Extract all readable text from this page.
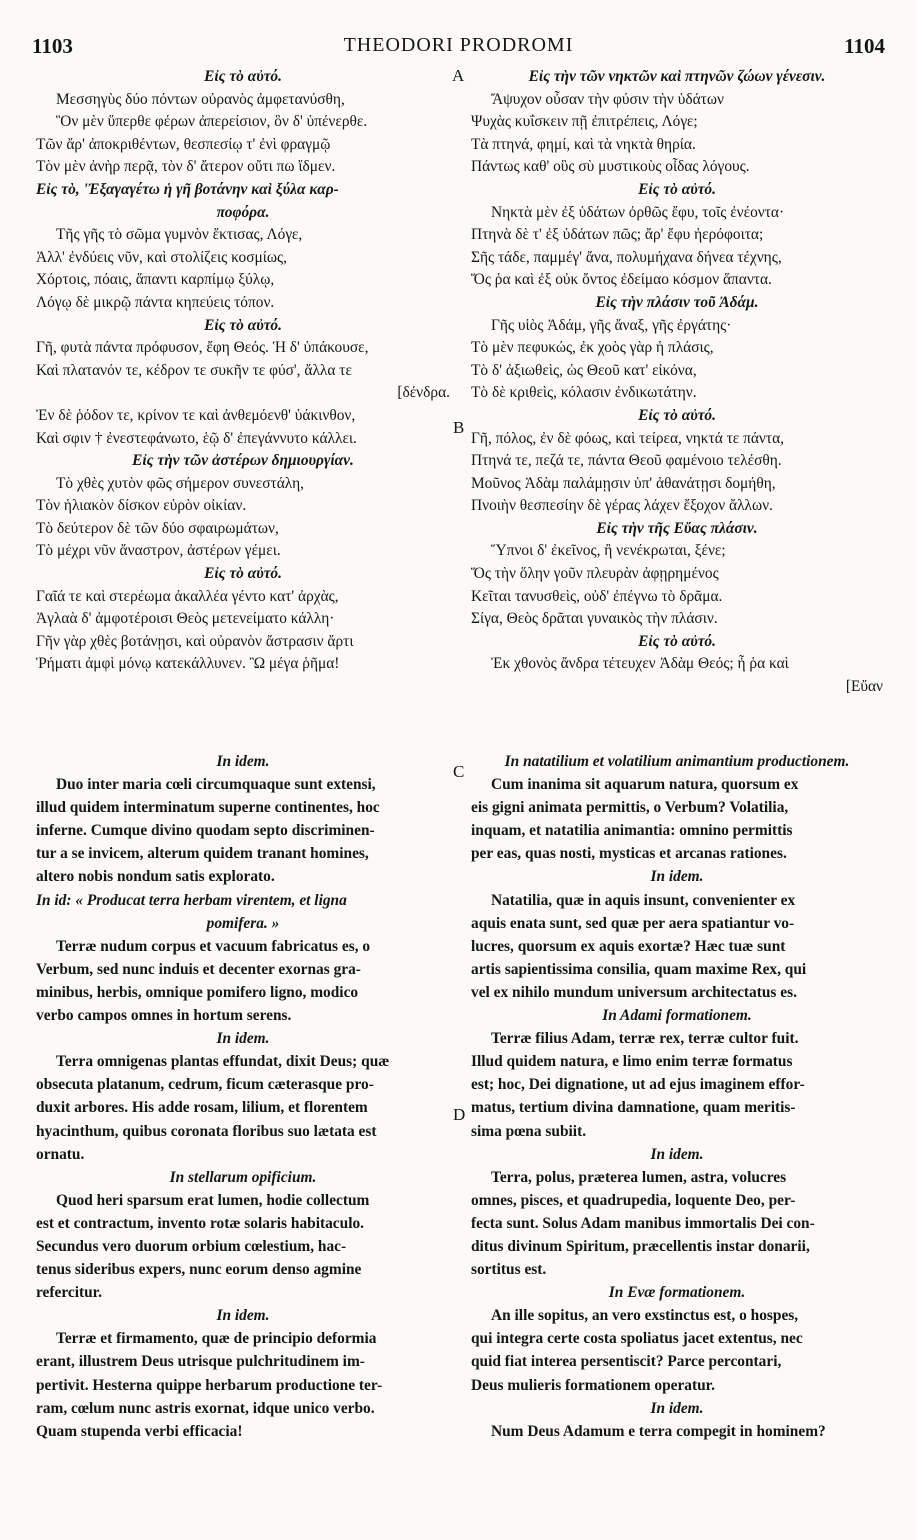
1103	THEODORI PRODROMI	1104
A
B
C
D
Εἰς τὸ αὐτό.
Μεσσηγὺς δύο πόντων οὐρανὸς ἀμφετανύσθη,
Ὃν μὲν ὕπερθε φέρων ἀπερείσιον, ὃν δ' ὑπένερθε.
Τῶν ἄρ' ἀποκριθέντων, θεσπεσίῳ τ' ἐνὶ φραγμῷ
Τὸν μὲν ἀνὴρ περᾷ, τὸν δ' ἄτερον οὔτι πω ἴδμεν.
Εἰς τὸ, 'Ἐξαγαγέτω ἡ γῆ βοτάνην καὶ ξύλα καρ-
ποφόρα.
Τῆς γῆς τὸ σῶμα γυμνὸν ἔκτισας, Λόγε,
Ἀλλ' ἐνδύεις νῦν, καὶ στολίζεις κοσμίως,
Χόρτοις, πόαις, ἅπαντι καρπίμῳ ξύλῳ,
Λόγῳ δὲ μικρῷ πάντα κηπεύεις τόπον.
Εἰς τὸ αὐτό.
Γῆ, φυτὰ πάντα πρόφυσον, ἔφη Θεός. Ἡ δ' ὑπάκουσε,
Καὶ πλατανόν τε, κέδρον τε συκῆν τε φύσ', ἄλλα τε
[δένδρα.
Ἐν δὲ ῥόδον τε, κρίνον τε καὶ ἀνθεμόενθ' ὑάκινθον,
Καὶ σφιν † ἐνεστεφάνωτο, ἑῷ δ' ἐπεγάννυτο κάλλει.
Εἰς τὴν τῶν ἀστέρων δημιουργίαν.
Τὸ χθὲς χυτὸν φῶς σήμερον συνεστάλη,
Τὸν ἡλιακὸν δίσκον εὑρὸν οἰκίαν.
Τὸ δεύτερον δὲ τῶν δύο σφαιρωμάτων,
Τὸ μέχρι νῦν ἄναστρον, ἀστέρων γέμει.
Εἰς τὸ αὐτό.
Γαῖά τε καὶ στερέωμα ἀκαλλέα γέντο κατ' ἀρχὰς,
Ἀγλαὰ δ' ἀμφοτέροισι Θεὸς μετενείματο κάλλη·
Γῆν γὰρ χθὲς βοτάνῃσι, καὶ οὐρανὸν ἄστρασιν ἄρτι
Ῥήματι ἀμφὶ μόνῳ κατεκάλλυνεν. Ὢ μέγα ῥῆμα!
In idem.
Duo inter maria cœli circumquaque sunt extensi,
illud quidem interminatum superne continentes, hoc
inferne. Cumque divino quodam septo discriminen-
tur a se invicem, alterum quidem tranant homines,
altero nobis nondum satis explorato.
In id: « Producat terra herbam virentem, et ligna
pomifera. »
Terræ nudum corpus et vacuum fabricatus es, o
Verbum, sed nunc induis et decenter exornas gra-
minibus, herbis, omnique pomifero ligno, modico
verbo campos omnes in hortum serens.
In idem.
Terra omnigenas plantas effundat, dixit Deus; quæ
obsecuta platanum, cedrum, ficum cæterasque pro-
duxit arbores. His adde rosam, lilium, et florentem
hyacinthum, quibus coronata floribus suo lætata est
ornatu.
In stellarum opificium.
Quod heri sparsum erat lumen, hodie collectum
est et contractum, invento rotæ solaris habitaculo.
Secundus vero duorum orbium cœlestium, hac-
tenus sideribus expers, nunc eorum denso agmine
refercitur.
In idem.
Terræ et firmamento, quæ de principio deformia
erant, illustrem Deus utrisque pulchritudinem im-
pertivit. Hesterna quippe herbarum productione ter-
ram, cœlum nunc astris exornat, idque unico verbo.
Quam stupenda verbi efficacia!
Εἰς τὴν τῶν νηκτῶν καὶ πτηνῶν ζώων γένεσιν.
Ἄψυχον οὖσαν τὴν φύσιν τὴν ὑδάτων
Ψυχὰς κυΐσκειν πῇ ἐπιτρέπεις, Λόγε;
Τὰ πτηνά, φημί, καὶ τὰ νηκτὰ θηρία.
Πάντως καθ' οὓς σὺ μυστικοὺς οἶδας λόγους.
Εἰς τὸ αὐτό.
Νηκτὰ μὲν ἐξ ὑδάτων ὀρθῶς ἔφυ, τοῖς ἐνέοντα·
Πτηνὰ δὲ τ' ἐξ ὑδάτων πῶς; ἄρ' ἔφυ ἠερόφοιτα;
Σῆς τάδε, παμμέγ' ἄνα, πολυμήχανα δήνεα τέχνης,
Ὅς ῥα καὶ ἐξ οὐκ ὄντος ἐδείμαο κόσμον ἅπαντα.
Εἰς τὴν πλάσιν τοῦ Ἀδάμ.
Γῆς υἱὸς Ἀδάμ, γῆς ἄναξ, γῆς ἐργάτης·
Τὸ μὲν πεφυκώς, ἐκ χοὸς γὰρ ἡ πλάσις,
Τὸ δ' ἀξιωθεὶς, ὡς Θεοῦ κατ' εἰκόνα,
Τὸ δὲ κριθεὶς, κόλασιν ἐνδικωτάτην.
Εἰς τὸ αὐτό.
Γῆ, πόλος, ἐν δὲ φόως, καὶ τείρεα, νηκτά τε πάντα,
Πτηνά τε, πεζά τε, πάντα Θεοῦ φαμένοιο τελέσθη.
Μοῦνος Ἀδὰμ παλάμῃσιν ὑπ' ἀθανάτῃσι δομήθη,
Πνοιὴν θεσπεσίην δὲ γέρας λάχεν ἔξοχον ἄλλων.
Εἰς τὴν τῆς Εὔας πλάσιν.
Ὕπνοι δ' ἐκεῖνος, ἢ νενέκρωται, ξένε;
Ὅς τὴν ὅλην γοῦν πλευρὰν ἀφῃρημένος
Κεῖται τανυσθεὶς, οὐδ' ἐπέγνω τὸ δρᾶμα.
Σίγα, Θεὸς δρᾶται γυναικὸς τὴν πλάσιν.
Εἰς τὸ αὐτό.
Ἐκ χθονὸς ἄνδρα τέτευχεν Ἀδὰμ Θεός; ἦ ῥα καὶ
[Εὔαν
In natatilium et volatilium animantium productionem.
Cum inanima sit aquarum natura, quorsum ex
eis gigni animata permittis, o Verbum? Volatilia,
inquam, et natatilia animantia: omnino permittis
per eas, quas nosti, mysticas et arcanas rationes.
In idem.
Natatilia, quæ in aquis insunt, convenienter ex
aquis enata sunt, sed quæ per aera spatiantur vo-
lucres, quorsum ex aquis exortæ? Hæc tuæ sunt
artis sapientissima consilia, quam maxime Rex, qui
vel ex nihilo mundum universum architectatus es.
In Adami formationem.
Terræ filius Adam, terræ rex, terræ cultor fuit.
Illud quidem natura, e limo enim terræ formatus
est; hoc, Dei dignatione, ut ad ejus imaginem effor-
matus, tertium divina damnatione, quam meritis-
sima pœna subiit.
In idem.
Terra, polus, præterea lumen, astra, volucres
omnes, pisces, et quadrupedia, loquente Deo, per-
fecta sunt. Solus Adam manibus immortalis Dei con-
ditus divinum Spiritum, præcellentis instar donarii,
sortitus est.
In Evæ formationem.
An ille sopitus, an vero exstinctus est, o hospes,
qui integra certe costa spoliatus jacet extentus, nec
quid fiat interea persentiscit? Parce percontari,
Deus mulieris formationem operatur.
In idem.
Num Deus Adamum e terra compegit in hominem?
